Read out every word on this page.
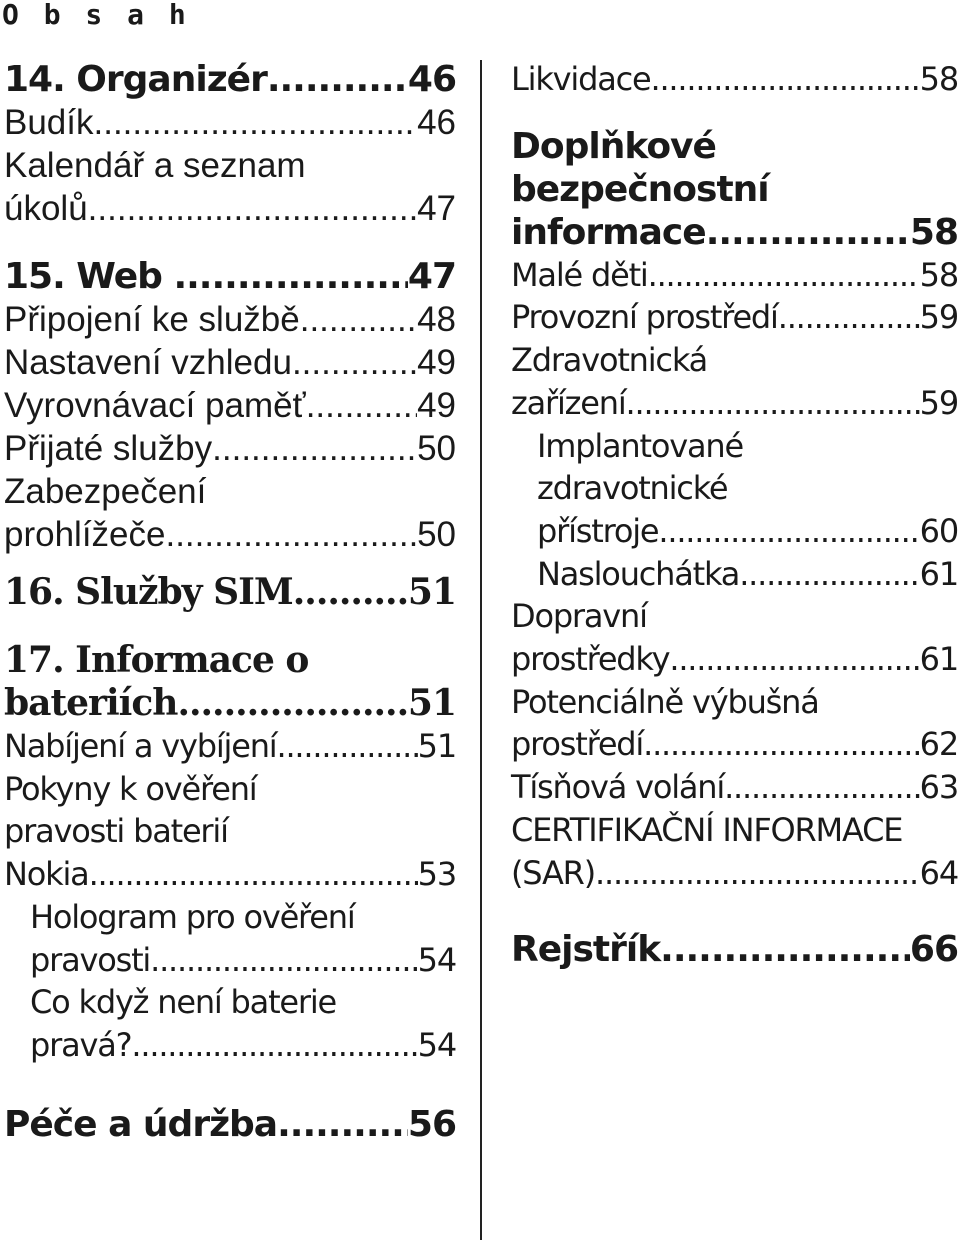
O b s a h
14. Organizér .....	46
Budík .....	46
Kalendář a seznam
úkolů .....	47
15. Web .....	47
Připojení ke službě .....	48
Nastavení vzhledu .....	49
Vyrovnávací paměť .....	49
Přijaté služby .....	50
Zabezpečení
prohlížeče .....	50
16. Služby SIM .....	51
17. Informace o
bateriích .....	51
Nabíjení a vybíjení .....	51
Pokyny k ověření
pravosti baterií
Nokia .....	53
Hologram pro ověření
pravosti .....	54
Co když není baterie
pravá? .....	54
Péče a údržba .....	56
Likvidace .....	58
Doplňkové
bezpečnostní
informace .....	58
Malé děti .....	58
Provozní prostředí .....	59
Zdravotnická
zařízení .....	59
Implantované
zdravotnické
přístroje .....	60
Naslouchátka .....	61
Dopravní
prostředky .....	61
Potenciálně výbušná
prostředí .....	62
Tísňová volání .....	63
CERTIFIKAČNÍ INFORMACE
(SAR) .....	64
Rejstřík .....	66
